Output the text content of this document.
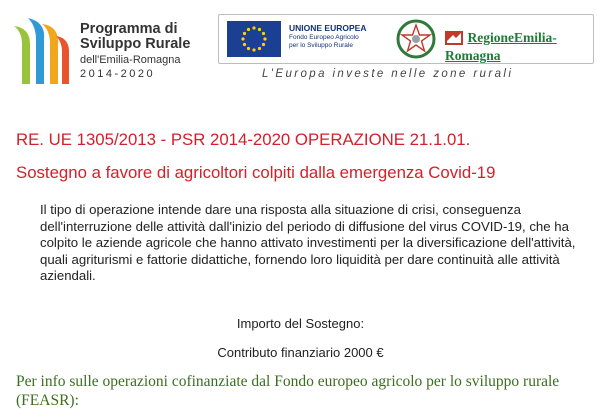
Programma di
Sviluppo Rurale
dell'Emilia-Romagna
2014-2020
UNIONE EUROPEA
Fondo Europeo Agricolo
per lo Sviluppo Rurale
RegioneEmilia-Romagna
L'Europa investe nelle zone rurali
RE. UE 1305/2013 - PSR 2014-2020 OPERAZIONE 21.1.01.
Sostegno a favore di agricoltori colpiti dalla emergenza Covid-19
Il tipo di operazione intende dare una risposta alla situazione di crisi, conseguenza dell'interruzione delle attività dall'inizio del periodo di diffusione del virus COVID-19, che ha colpito le aziende agricole che hanno attivato investimenti per la diversificazione dell'attività, quali agriturismi e fattorie didattiche, fornendo loro liquidità per dare continuità alle attività aziendali.
Importo del Sostegno:
Contributo finanziario 2000 €
Per info sulle operazioni cofinanziate dal Fondo europeo agricolo per lo sviluppo rurale (FEASR):
